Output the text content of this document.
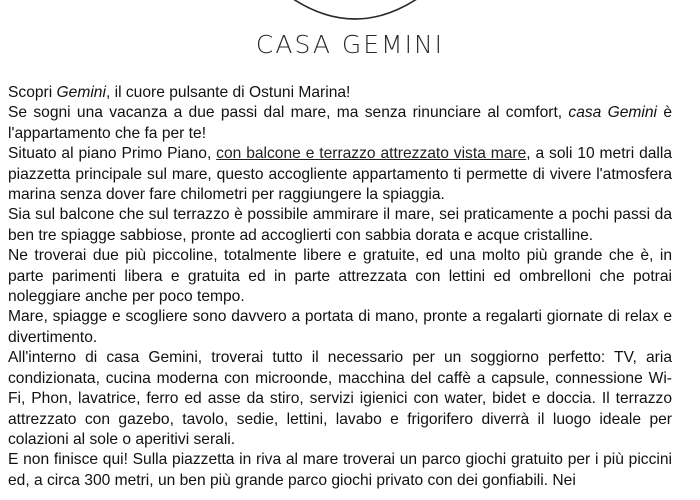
CASA GEMINI

Scopri Gemini, il cuore pulsante di Ostuni Marina!

Se sogni una vacanza a due passi dal mare, ma senza rinunciare al comfort, casa Gemini è l'appartamento che fa per te!

Situato al piano Primo Piano, con balcone e terrazzo attrezzato vista mare, a soli 10 metri dalla piazzetta principale sul mare, questo accogliente appartamento ti permette di vivere l'atmosfera marina senza dover fare chilometri per raggiungere la spiaggia.

Sia sul balcone che sul terrazzo è possibile ammirare il mare, sei praticamente a pochi passi da ben tre spiagge sabbiose, pronte ad accoglierti con sabbia dorata e acque cristalline.

Ne troverai due più piccoline, totalmente libere e gratuite, ed una molto più grande che è, in parte parimenti libera e gratuita ed in parte attrezzata con lettini ed ombrelloni che potrai noleggiare anche per poco tempo.

Mare, spiagge e scogliere sono davvero a portata di mano, pronte a regalarti giornate di relax e divertimento.

All'interno di casa Gemini, troverai tutto il necessario per un soggiorno perfetto: TV, aria condizionata, cucina moderna con microonde, macchina del caffè a capsule, connessione Wi-Fi, Phon, lavatrice, ferro ed asse da stiro, servizi igienici con water, bidet e doccia. Il terrazzo attrezzato con gazebo, tavolo, sedie, lettini, lavabo e frigorifero diverrà il luogo ideale per colazioni al sole o aperitivi serali.

E non finisce qui! Sulla piazzetta in riva al mare troverai un parco giochi gratuito per i più piccini ed, a circa 300 metri, un ben più grande parco giochi privato con dei gonfiabili. Nei
